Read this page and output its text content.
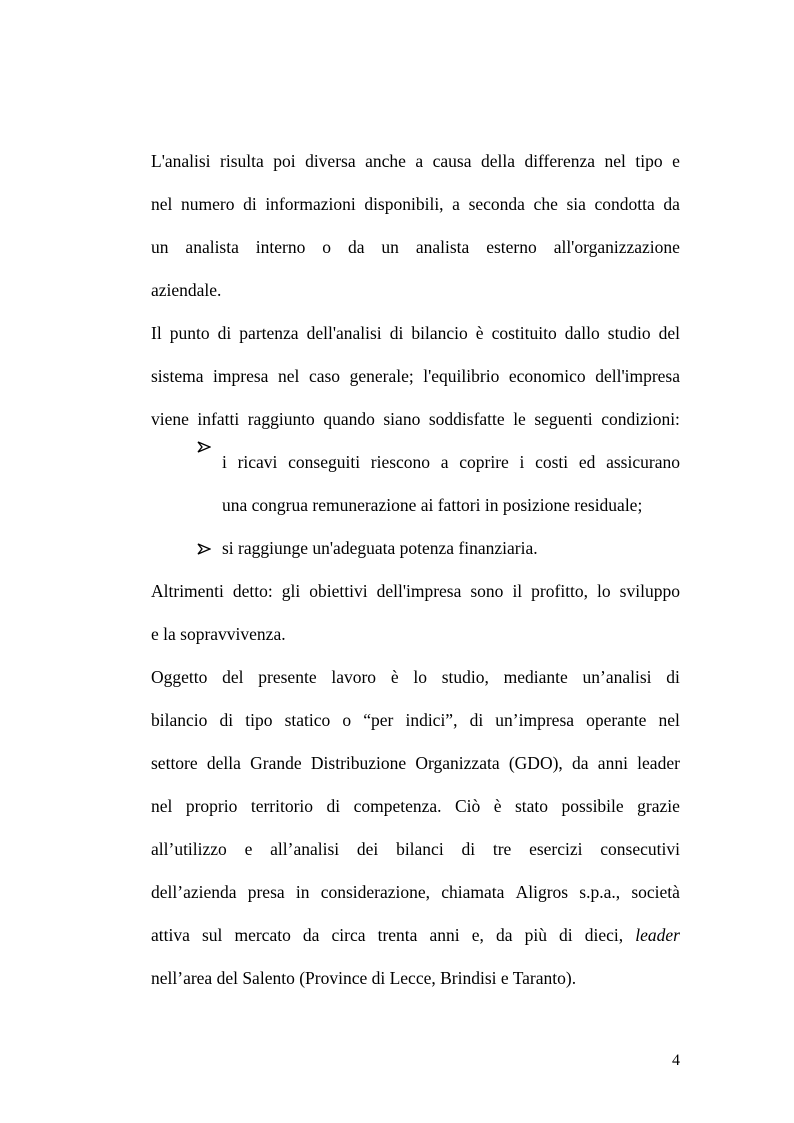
L'analisi risulta poi diversa anche a causa della differenza nel tipo e
nel numero di informazioni disponibili, a seconda che sia condotta da
un analista interno o da un analista esterno all'organizzazione
aziendale.
Il punto di partenza dell'analisi di bilancio è costituito dallo studio del
sistema impresa nel caso generale; l'equilibrio economico dell'impresa
viene infatti raggiunto quando siano soddisfatte le seguenti condizioni:
i ricavi conseguiti riescono a coprire i costi ed assicurano
una congrua remunerazione ai fattori in posizione residuale;
si raggiunge un'adeguata potenza finanziaria.
Altrimenti detto: gli obiettivi dell'impresa sono il profitto, lo sviluppo
e la sopravvivenza.
Oggetto del presente lavoro è lo studio, mediante un’analisi di
bilancio di tipo statico o “per indici”, di un’impresa operante nel
settore della Grande Distribuzione Organizzata (GDO), da anni leader
nel proprio territorio di competenza. Ciò è stato possibile grazie
all’utilizzo e all’analisi dei bilanci di tre esercizi consecutivi
dell’azienda presa in considerazione, chiamata Aligros s.p.a., società
attiva sul mercato da circa trenta anni e, da più di dieci, leader
nell’area del Salento (Province di Lecce, Brindisi e Taranto).
4
